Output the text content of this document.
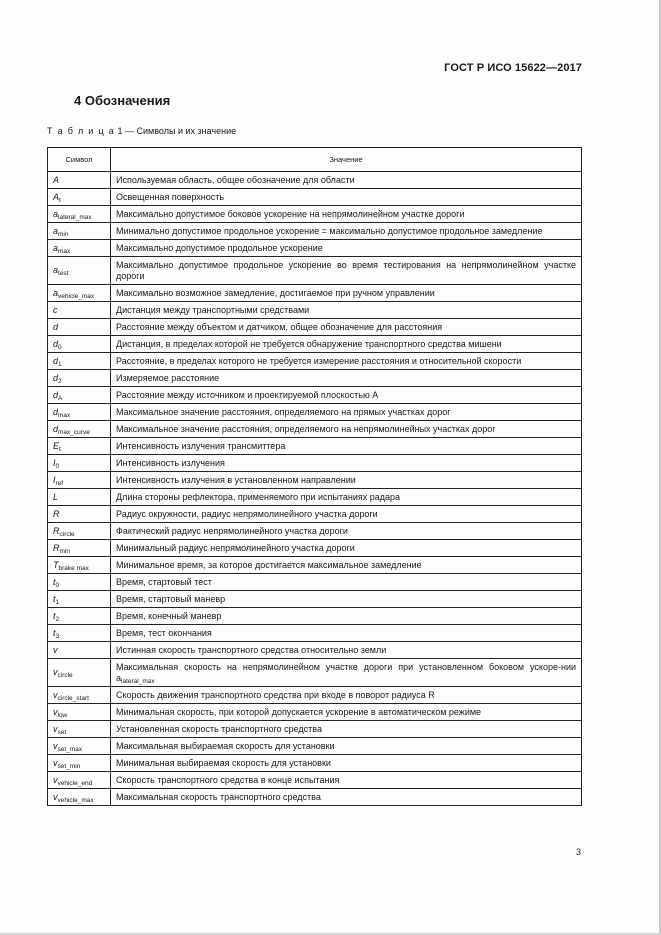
ГОСТ Р ИСО 15622—2017
4 Обозначения
Т а б л и ц а 1 — Символы и их значение
Символ	Значение
A	Используемая область, общее обозначение для области
$A_t$	Освещенная поверхность
$a_{lateral\_max}$	Максимально допустимое боковое ускорение на непрямолинейном участке дороги
$a_{min}$	Минимально допустимое продольное ускорение = максимально допустимое продольное замедление
$a_{max}$	Максимально допустимое продольное ускорение
$a_{test}$	Максимально допустимое продольное ускорение во время тестирования на непрямолинейном участке дороги
$a_{vehicle\_max}$	Максимально возможное замедление, достигаемое при ручном управлении
c	Дистанция между транспортными средствами
d	Расстояние между объектом и датчиком, общее обозначение для расстояния
$d_0$	Дистанция, в пределах которой не требуется обнаружение транспортного средства мишени
$d_1$	Расстояние, в пределах которого не требуется измерение расстояния и относительной скорости
$d_2$	Измеряемое расстояние
$d_A$	Расстояние между источником и проектируемой плоскостью А
$d_{max}$	Максимальное значение расстояния, определяемого на прямых участках дорог
$d_{max\_curve}$	Максимальное значение расстояния, определяемого на непрямолинейных участках дорог
$E_t$	Интенсивность излучения трансмиттера
$I_0$	Интенсивность излучения
$I_{ref}$	Интенсивность излучения в установленном направлении
L	Длина стороны рефлектора, применяемого при испытаниях радара
R	Радиус окружности, радиус непрямолинейного участка дороги
$R_{circle}$	Фактический радиус непрямолинейного участка дороги
$R_{min}$	Минимальный радиус непрямолинейного участка дороги
$T_{brake max}$	Минимальное время, за которое достигается максимальное замедление
$t_0$	Время, стартовый тест
$t_1$	Время, стартовый маневр
$t_2$	Время, конечный маневр
$t_3$	Время, тест окончания
v	Истинная скорость транспортного средства относительно земли
$v_{circle}$	Максимальная скорость на непрямолинейном участке дороги при установленном боковом ускоре-нии $a_{lateral\_max}$
$v_{circle\_start}$	Скорость движения транспортного средства при входе в поворот радиуса R
$v_{low}$	Минимальная скорость, при которой допускается ускорение в автоматическом режиме
$v_{set}$	Установленная скорость транспортного средства
$v_{set\_max}$	Максимальная выбираемая скорость для установки
$v_{set\_min}$	Минимальная выбираемая скорость для установки
$v_{vehicle\_end}$	Скорость транспортного средства в конце испытания
$v_{vehicle\_max}$	Максимальная скорость транспортного средства
3
